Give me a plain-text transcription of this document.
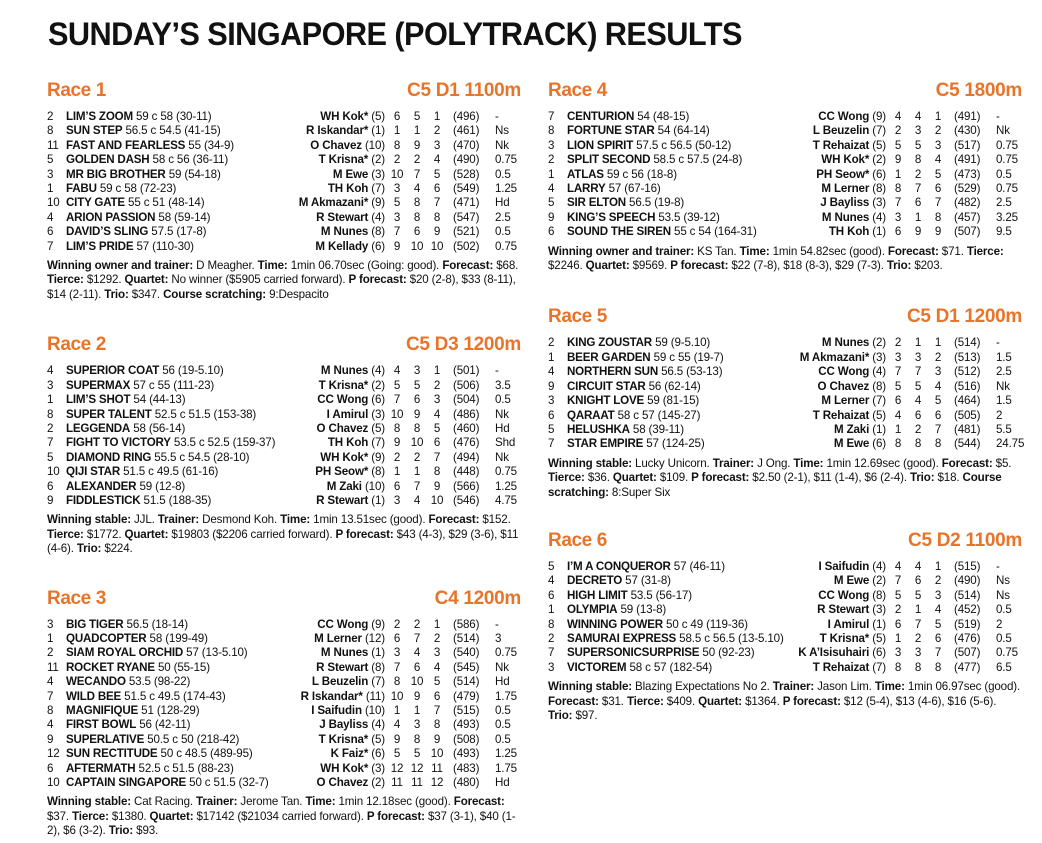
SUNDAY’S SINGAPORE (POLYTRACK) RESULTS
Race 1	C5 D1 1100m
2	LIM’S ZOOM 59 c 58 (30-11)	WH Kok* (5) 6	5	1	(496)	-
8	SUN STEP 56.5 c 54.5 (41-15)	R Iskandar* (1) 1	1	2	(461)	Ns
11 FAST AND FEARLESS 55 (34-9)	O Chavez (10) 8	9	3	(470)	Nk
5	GOLDEN DASH 58 c 56 (36-11)	T Krisna* (2) 2	2	4	(490)	0.75
3	MR BIG BROTHER 59 (54-18)	M Ewe (3) 10 7	5	(528)	0.5
1	FABU 59 c 58 (72-23)	TH Koh (7) 3	4	6	(549)	1.25
10 CITY GATE 55 c 51 (48-14)	M Akmazani* (9) 5	8	7	(471)	Hd
4	ARION PASSION 58 (59-14)	R Stewart (4) 3	8	8	(547)	2.5
6	DAVID’S SLING 57.5 (17-8)	M Nunes (8) 7	6	9	(521)	0.5
7	LIM’S PRIDE 57 (110-30)	M Kellady (6) 9 10 10 (502)	0.75
Winning owner and trainer: D Meagher. Time: 1min 06.70sec (Going: good). Forecast: $68. Tierce: $1292. Quartet: No winner ($5905 carried forward). P forecast: $20 (2-8), $33 (8-11), $14 (2-11). Trio: $347. Course scratching: 9:Despacito
Race 2	C5 D3 1200m
4	SUPERIOR COAT 56 (19-5.10)	M Nunes (4) 4	3	1	(501)	-
3	SUPERMAX 57 c 55 (111-23)	T Krisna* (2) 5	5	2	(506)	3.5
1	LIM’S SHOT 54 (44-13)	CC Wong (6) 7	6	3	(504)	0.5
8	SUPER TALENT 52.5 c 51.5 (153-38)	I Amirul (3) 10 9	4	(486)	Nk
2	LEGGENDA 58 (56-14)	O Chavez (5) 8	8	5	(460)	Hd
7	FIGHT TO VICTORY 53.5 c 52.5 (159-37)	TH Koh (7) 9 10 6	(476)	Shd
5	DIAMOND RING 55.5 c 54.5 (28-10)	WH Kok* (9) 2	2	7	(494)	Nk
10 QIJI STAR 51.5 c 49.5 (61-16)	PH Seow* (8) 1	1	8	(448)	0.75
6	ALEXANDER 59 (12-8)	M Zaki (10) 6	7	9	(566)	1.25
9	FIDDLESTICK 51.5 (188-35)	R Stewart (1) 3	4 10 (546)	4.75
Winning stable: JJL. Trainer: Desmond Koh. Time: 1min 13.51sec (good). Forecast: $152. Tierce: $1772. Quartet: $19803 ($2206 carried forward). P forecast: $43 (4-3), $29 (3-6), $11 (4-6). Trio: $224.
Race 3	C4 1200m
3	BIG TIGER 56.5 (18-14)	CC Wong (9) 2	2	1	(586)	-
1	QUADCOPTER 58 (199-49)	M Lerner (12) 6	7	2	(514)	3
2	SIAM ROYAL ORCHID 57 (13-5.10)	M Nunes (1) 3	4	3	(540)	0.75
11 ROCKET RYANE 50 (55-15)	R Stewart (8) 7	6	4	(545)	Nk
4	WECANDO 53.5 (98-22)	L Beuzelin (7) 8 10 5	(514)	Hd
7	WILD BEE 51.5 c 49.5 (174-43)	R Iskandar* (11) 10 9	6	(479)	1.75
8	MAGNIFIQUE 51 (128-29)	I Saifudin (10) 1	1	7	(515)	0.5
4	FIRST BOWL 56 (42-11)	J Bayliss (4) 4	3	8	(493)	0.5
9	SUPERLATIVE 50.5 c 50 (218-42)	T Krisna* (5) 9	8	9	(508)	0.5
12 SUN RECTITUDE 50 c 48.5 (489-95)	K Faiz* (6) 5	5 10 (493)	1.25
6	AFTERMATH 52.5 c 51.5 (88-23)	WH Kok* (3) 12 12 11 (483)	1.75
10 CAPTAIN SINGAPORE 50 c 51.5 (32-7)	O Chavez (2) 11 11 12 (480)	Hd
Winning stable: Cat Racing. Trainer: Jerome Tan. Time: 1min 12.18sec (good). Forecast: $37. Tierce: $1380. Quartet: $17142 ($21034 carried forward). P forecast: $37 (3-1), $40 (1-2), $6 (3-2). Trio: $93.
Race 4	C5 1800m
7	CENTURION 54 (48-15)	CC Wong (9) 4	4	1	(491)	-
8	FORTUNE STAR 54 (64-14)	L Beuzelin (7) 2	3	2	(430)	Nk
3	LION SPIRIT 57.5 c 56.5 (50-12)	T Rehaizat (5) 5	5	3	(517)	0.75
2	SPLIT SECOND 58.5 c 57.5 (24-8)	WH Kok* (2) 9	8	4	(491)	0.75
1	ATLAS 59 c 56 (18-8)	PH Seow* (6) 1	2	5	(473)	0.5
4	LARRY 57 (67-16)	M Lerner (8) 8	7	6	(529)	0.75
5	SIR ELTON 56.5 (19-8)	J Bayliss (3) 7	6	7	(482)	2.5
9	KING’S SPEECH 53.5 (39-12)	M Nunes (4) 3	1	8	(457)	3.25
6	SOUND THE SIREN 55 c 54 (164-31)	TH Koh (1) 6	9	9	(507)	9.5
Winning owner and trainer: KS Tan. Time: 1min 54.82sec (good). Forecast: $71. Tierce: $2246. Quartet: $9569. P forecast: $22 (7-8), $18 (8-3), $29 (7-3). Trio: $203.
Race 5	C5 D1 1200m
2	KING ZOUSTAR 59 (9-5.10)	M Nunes (2) 2	1	1	(514)	-
1	BEER GARDEN 59 c 55 (19-7)	M Akmazani* (3) 3	3	2	(513)	1.5
4	NORTHERN SUN 56.5 (53-13)	CC Wong (4) 7	7	3	(512)	2.5
9	CIRCUIT STAR 56 (62-14)	O Chavez (8) 5	5	4	(516)	Nk
3	KNIGHT LOVE 59 (81-15)	M Lerner (7) 6	4	5	(464)	1.5
6	QARAAT 58 c 57 (145-27)	T Rehaizat (5) 4	6	6	(505)	2
5	HELUSHKA 58 (39-11)	M Zaki (1) 1	2	7	(481)	5.5
7	STAR EMPIRE 57 (124-25)	M Ewe (6) 8	8	8	(544)	24.75
Winning stable: Lucky Unicorn. Trainer: J Ong. Time: 1min 12.69sec (good). Forecast: $5. Tierce: $36. Quartet: $109. P forecast: $2.50 (2-1), $11 (1-4), $6 (2-4). Trio: $18. Course scratching: 8:Super Six
Race 6	C5 D2 1100m
5	I’M A CONQUEROR 57 (46-11)	I Saifudin (4) 4	4	1	(515)	-
4	DECRETO 57 (31-8)	M Ewe (2) 7	6	2	(490)	Ns
6	HIGH LIMIT 53.5 (56-17)	CC Wong (8) 5	5	3	(514)	Ns
1	OLYMPIA 59 (13-8)	R Stewart (3) 2	1	4	(452)	0.5
8	WINNING POWER 50 c 49 (119-36)	I Amirul (1) 6	7	5	(519)	2
2	SAMURAI EXPRESS 58.5 c 56.5 (13-5.10)	T Krisna* (5) 1	2	6	(476)	0.5
7	SUPERSONICSURPRISE 50 (92-23)	K A’Isisuhairi (6) 3	3	7	(507)	0.75
3	VICTOREM 58 c 57 (182-54)	T Rehaizat (7) 8	8	8	(477)	6.5
Winning stable: Blazing Expectations No 2. Trainer: Jason Lim. Time: 1min 06.97sec (good). Forecast: $31. Tierce: $409. Quartet: $1364. P forecast: $12 (5-4), $13 (4-6), $16 (5-6). Trio: $97.
